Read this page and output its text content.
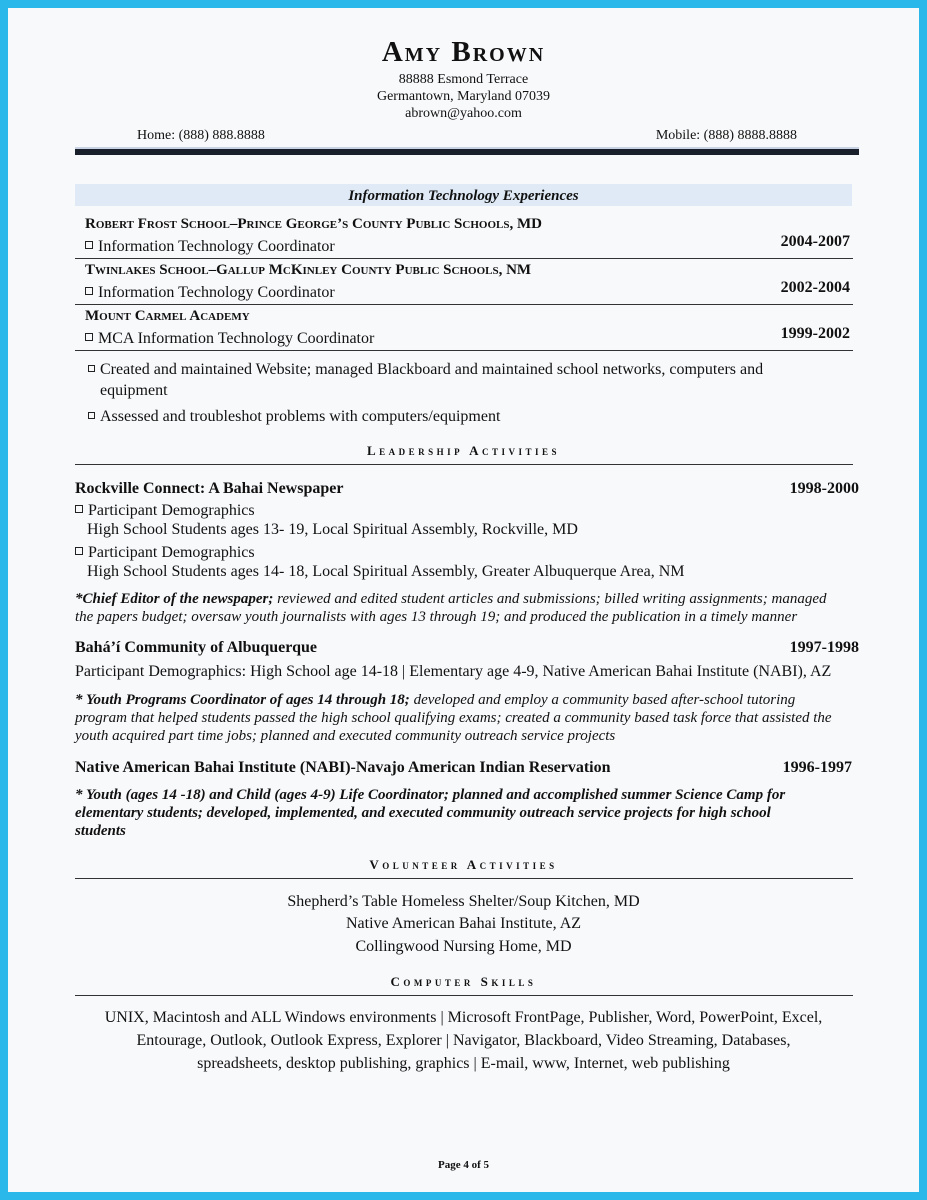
Amy Brown
88888 Esmond Terrace
Germantown, Maryland 07039
abrown@yahoo.com
Home: (888) 888.8888	Mobile: (888) 8888.8888
Information Technology Experiences
Robert Frost School–Prince George’s County Public Schools, MD
Information Technology Coordinator	2004-2007
Twinlakes School–Gallup McKinley County Public Schools, NM
Information Technology Coordinator	2002-2004
Mount Carmel Academy
MCA Information Technology Coordinator	1999-2002
Created and maintained Website; managed Blackboard and maintained school networks, computers and
equipment
Assessed and troubleshot problems with computers/equipment
Leadership Activities
Rockville Connect: A Bahai Newspaper	1998-2000
Participant Demographics
High School Students ages 13- 19, Local Spiritual Assembly, Rockville, MD
Participant Demographics
High School Students ages 14- 18, Local Spiritual Assembly, Greater Albuquerque Area, NM
*Chief Editor of the newspaper; reviewed and edited student articles and submissions; billed writing assignments; managed
the papers budget; oversaw youth journalists with ages 13 through 19; and produced the publication in a timely manner
Bahá’í Community of Albuquerque	1997-1998
Participant Demographics: High School age 14-18 | Elementary age 4-9, Native American Bahai Institute (NABI), AZ
* Youth Programs Coordinator of ages 14 through 18; developed and employ a community based after-school tutoring
program that helped students passed the high school qualifying exams; created a community based task force that assisted the
youth acquired part time jobs; planned and executed community outreach service projects
Native American Bahai Institute (NABI)-Navajo American Indian Reservation	1996-1997
* Youth (ages 14 -18) and Child (ages 4-9) Life Coordinator; planned and accomplished summer Science Camp for
elementary students; developed, implemented, and executed community outreach service projects for high school
students
Volunteer Activities
Shepherd’s Table Homeless Shelter/Soup Kitchen, MD
Native American Bahai Institute, AZ
Collingwood Nursing Home, MD
Computer Skills
UNIX, Macintosh and ALL Windows environments | Microsoft FrontPage, Publisher, Word, PowerPoint, Excel,
Entourage, Outlook, Outlook Express, Explorer | Navigator, Blackboard, Video Streaming, Databases,
spreadsheets, desktop publishing, graphics | E-mail, www, Internet, web publishing
Page 4 of 5
